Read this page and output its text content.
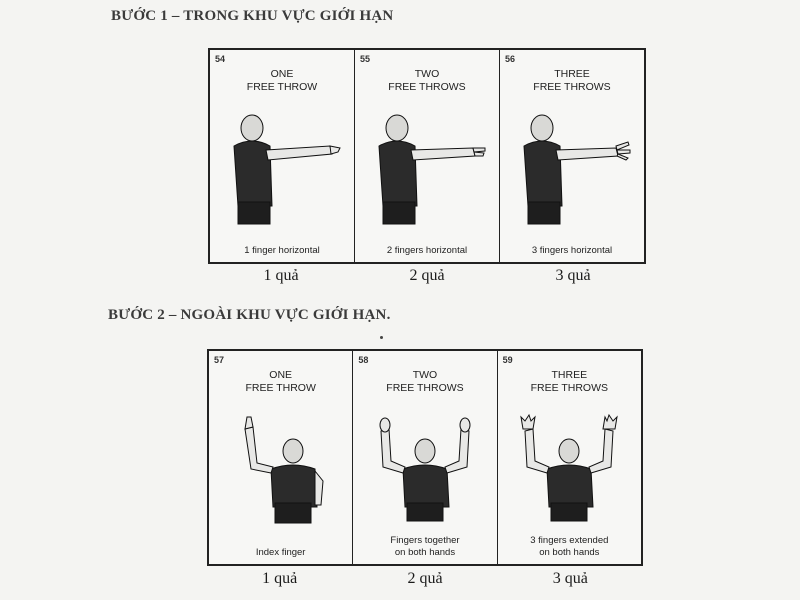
BƯỚC 1 – TRONG KHU VỰC GIỚI HẠN
54
ONE
FREE THROW
1 finger horizontal
55
TWO
FREE THROWS
2 fingers horizontal
56
THREE
FREE THROWS
3 fingers horizontal
1 quả	2 quả	3 quả
BƯỚC 2 – NGOÀI KHU VỰC GIỚI HẠN.
57
ONE
FREE THROW
Index finger
58
TWO
FREE THROWS
Fingers together
on both hands
59
THREE
FREE THROWS
3 fingers extended
on both hands
1 quả	2 quả	3 quả
